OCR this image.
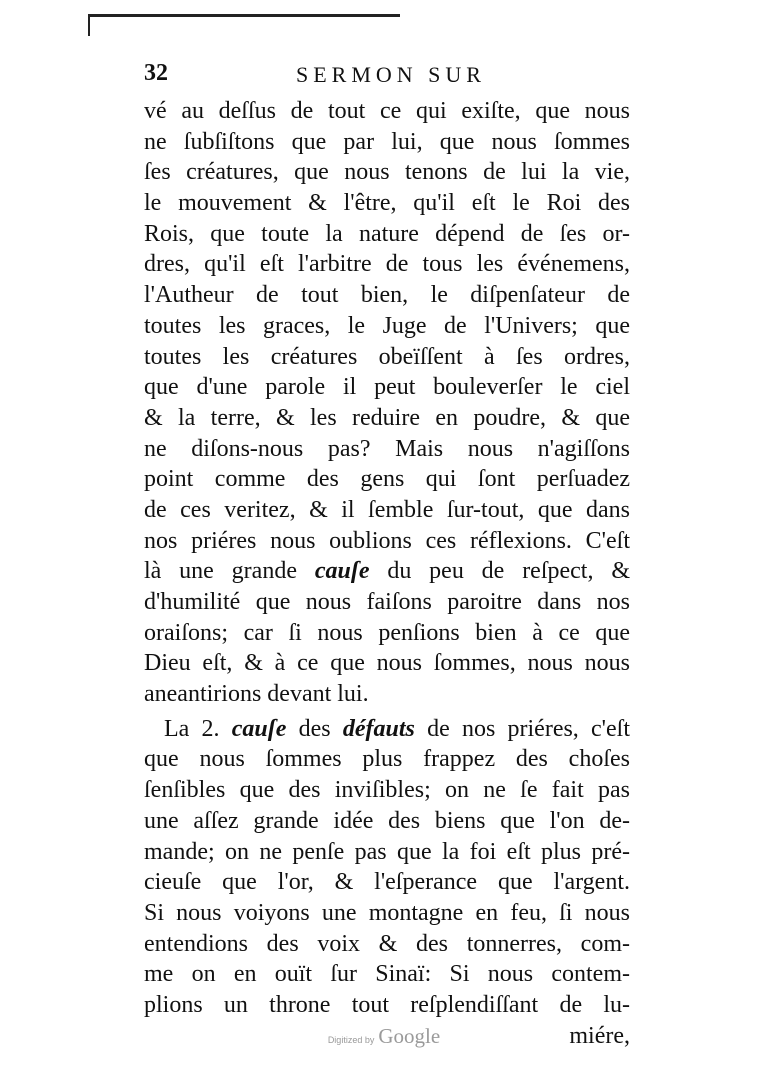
32	SERMON SUR
vé au deſſus de tout ce qui exiſte, que nous
ne ſubſiſtons que par lui, que nous ſommes
ſes créatures, que nous tenons de lui la vie,
le mouvement & l'être, qu'il eſt le Roi des
Rois, que toute la nature dépend de ſes or-
dres, qu'il eſt l'arbitre de tous les événemens,
l'Autheur de tout bien, le diſpenſateur de
toutes les graces, le Juge de l'Univers; que
toutes les créatures obeïſſent à ſes ordres,
que d'une parole il peut bouleverſer le ciel
& la terre, & les reduire en poudre, & que
ne diſons-nous pas? Mais nous n'agiſſons
point comme des gens qui ſont perſuadez
de ces veritez, & il ſemble ſur-tout, que dans
nos priéres nous oublions ces réflexions. C'eſt
là une grande cauſe du peu de reſpect, &
d'humilité que nous faiſons paroitre dans nos
oraiſons; car ſi nous penſions bien à ce que
Dieu eſt, & à ce que nous ſommes, nous nous
aneantirions devant lui.
La 2. cauſe des défauts de nos priéres, c'eſt
que nous ſommes plus frappez des choſes
ſenſibles que des inviſibles; on ne ſe fait pas
une aſſez grande idée des biens que l'on de-
mande; on ne penſe pas que la foi eſt plus pré-
cieuſe que l'or, & l'eſperance que l'argent.
Si nous voiyons une montagne en feu, ſi nous
entendions des voix & des tonnerres, com-
me on en ouït ſur Sinaï: Si nous contem-
plions un throne tout reſplendiſſant de lu-
miére,
Digitized by Google
